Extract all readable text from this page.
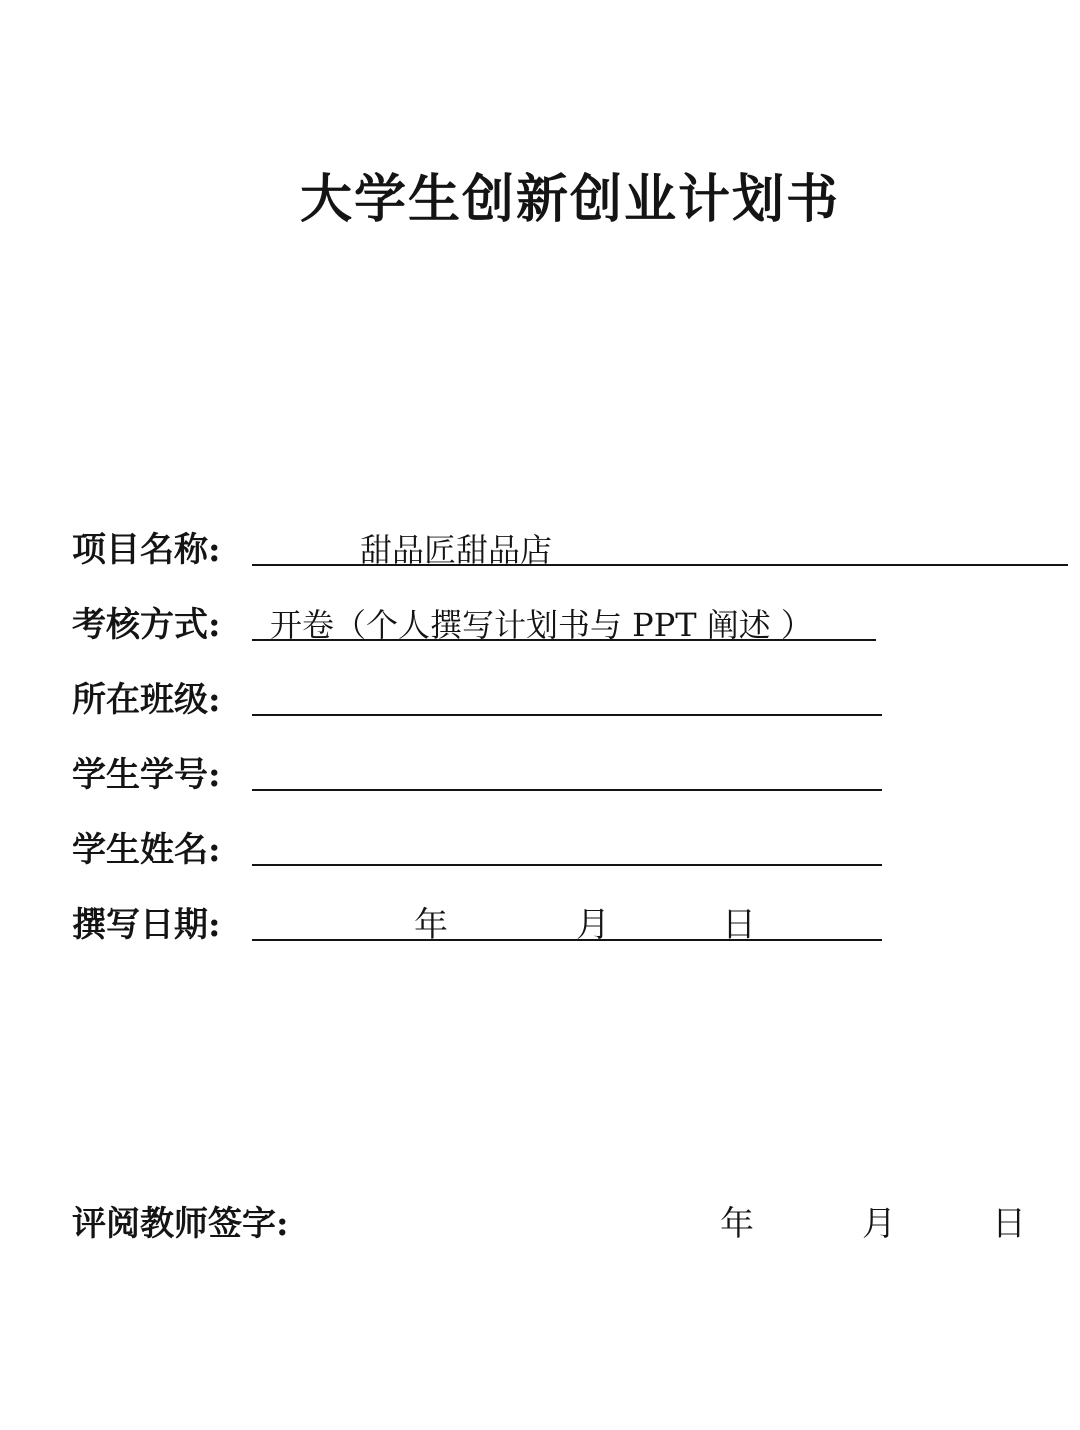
大学生创新创业计划书
项目名称:	甜品匠甜品店
考核方式: 开卷（个人撰写计划书与 PPT 阐述 ）
所在班级:
学生学号:
学生姓名:
撰写日期:	年	月	日
评阅教师签字:	年	月	日
